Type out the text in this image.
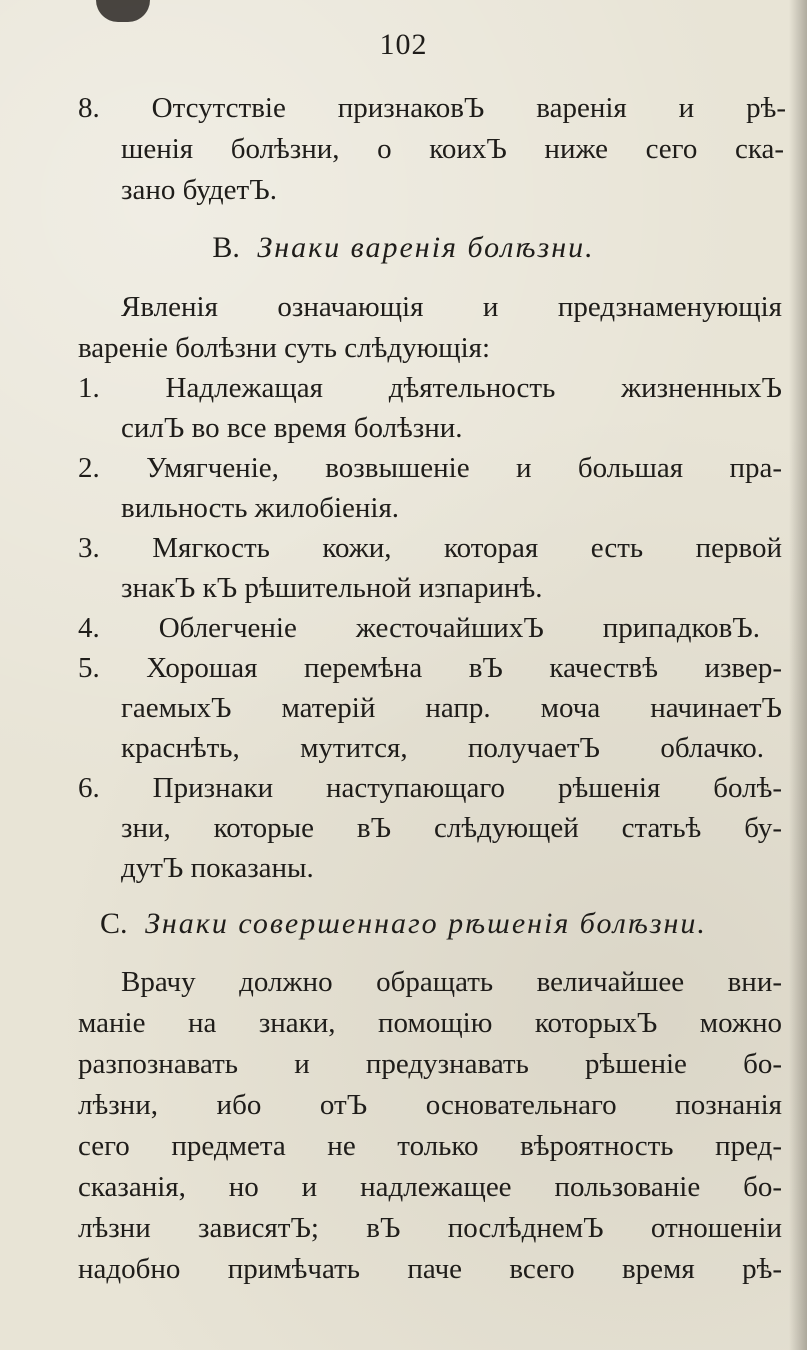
102
8. Отсутствіе признаковЪ варенія и рѣ-
шенія болѣзни, о коихЪ ниже сего ска-
зано будетЪ.
B. Знаки варенія болѣзни.
Явленія означающія и предзнаменующія
вареніе болѣзни суть слѣдующія:
1. Надлежащая дѣятельность жизненныхЪ
силЪ во все время болѣзни.
2. Умягченіе, возвышеніе и большая пра-
вильность жилобіенія.
3. Мягкость кожи, которая есть первой
знакЪ кЪ рѣшительной изпаринѣ.
4. Облегченіе жесточайшихЪ припадковЪ.
5. Хорошая перемѣна вЪ качествѣ извер-
гаемыхЪ матерій напр. моча начинаетЪ
краснѣть, мутится, получаетЪ облачко.
6. Признаки наступающаго рѣшенія болѣ-
зни, которые вЪ слѣдующей статьѣ бу-
дутЪ показаны.
C. Знаки совершеннаго рѣшенія болѣзни.
Врачу должно обращать величайшее вни-
маніе на знаки, помощію которыхЪ можно
разпознавать и предузнавать рѣшеніе бо-
лѣзни, ибо отЪ основательнаго познанія
сего предмета не только вѣроятность пред-
сказанія, но и надлежащее пользованіе бо-
лѣзни зависятЪ; вЪ послѣднемЪ отношеніи
надобно примѣчать паче всего время рѣ-
